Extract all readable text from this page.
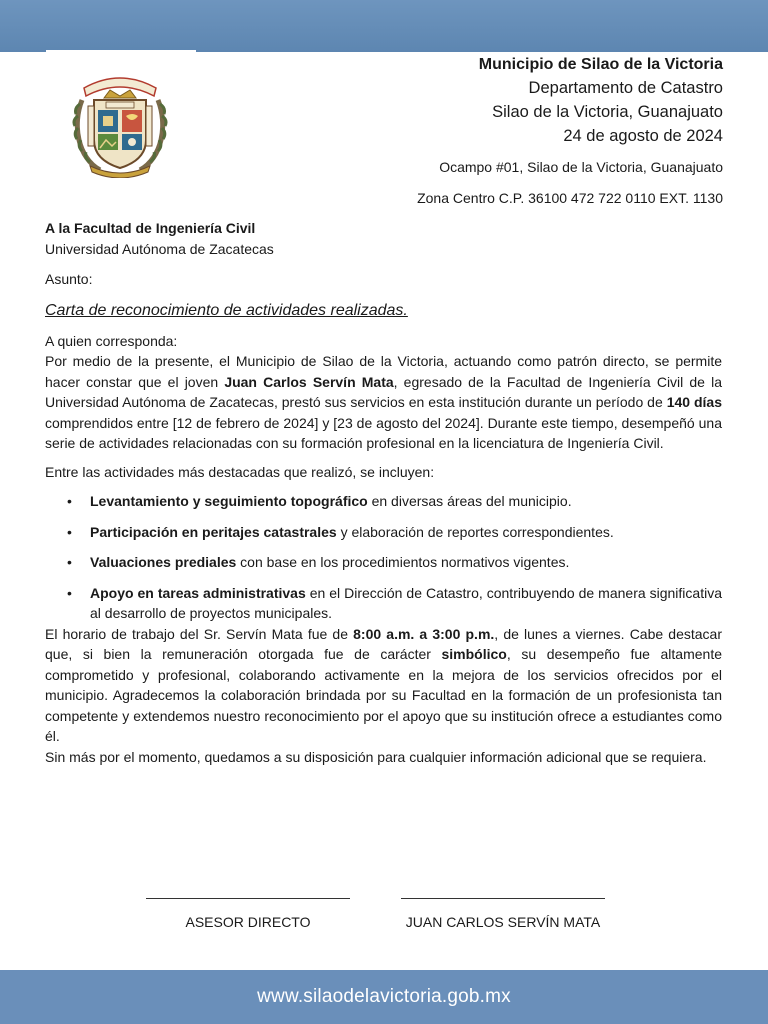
Municipio de Silao de la Victoria
Departamento de Catastro
Silao de la Victoria, Guanajuato
24 de agosto de 2024
Ocampo #01, Silao de la Victoria, Guanajuato
Zona Centro C.P. 36100 472 722 0110 EXT. 1130
A la Facultad de Ingeniería Civil
Universidad Autónoma de Zacatecas
Asunto:
Carta de reconocimiento de actividades realizadas.
A quien corresponda:

Por medio de la presente, el Municipio de Silao de la Victoria, actuando como patrón directo, se permite hacer constar que el joven Juan Carlos Servín Mata, egresado de la Facultad de Ingeniería Civil de la Universidad Autónoma de Zacatecas, prestó sus servicios en esta institución durante un período de 140 días comprendidos entre [12 de febrero de 2024] y [23 de agosto del 2024]. Durante este tiempo, desempeñó una serie de actividades relacionadas con su formación profesional en la licenciatura de Ingeniería Civil.

Entre las actividades más destacadas que realizó, se incluyen:
• Levantamiento y seguimiento topográfico en diversas áreas del municipio.
• Participación en peritajes catastrales y elaboración de reportes correspondientes.
• Valuaciones prediales con base en los procedimientos normativos vigentes.
• Apoyo en tareas administrativas en el Dirección de Catastro, contribuyendo de manera significativa al desarrollo de proyectos municipales.

El horario de trabajo del Sr. Servín Mata fue de 8:00 a.m. a 3:00 p.m., de lunes a viernes. Cabe destacar que, si bien la remuneración otorgada fue de carácter simbólico, su desempeño fue altamente comprometido y profesional, colaborando activamente en la mejora de los servicios ofrecidos por el municipio. Agradecemos la colaboración brindada por su Facultad en la formación de un profesionista tan competente y extendemos nuestro reconocimiento por el apoyo que su institución ofrece a estudiantes como él.

Sin más por el momento, quedamos a su disposición para cualquier información adicional que se requiera.

ASESOR DIRECTO	JUAN CARLOS SERVÍN MATA
www.silaodelavictoria.gob.mx
